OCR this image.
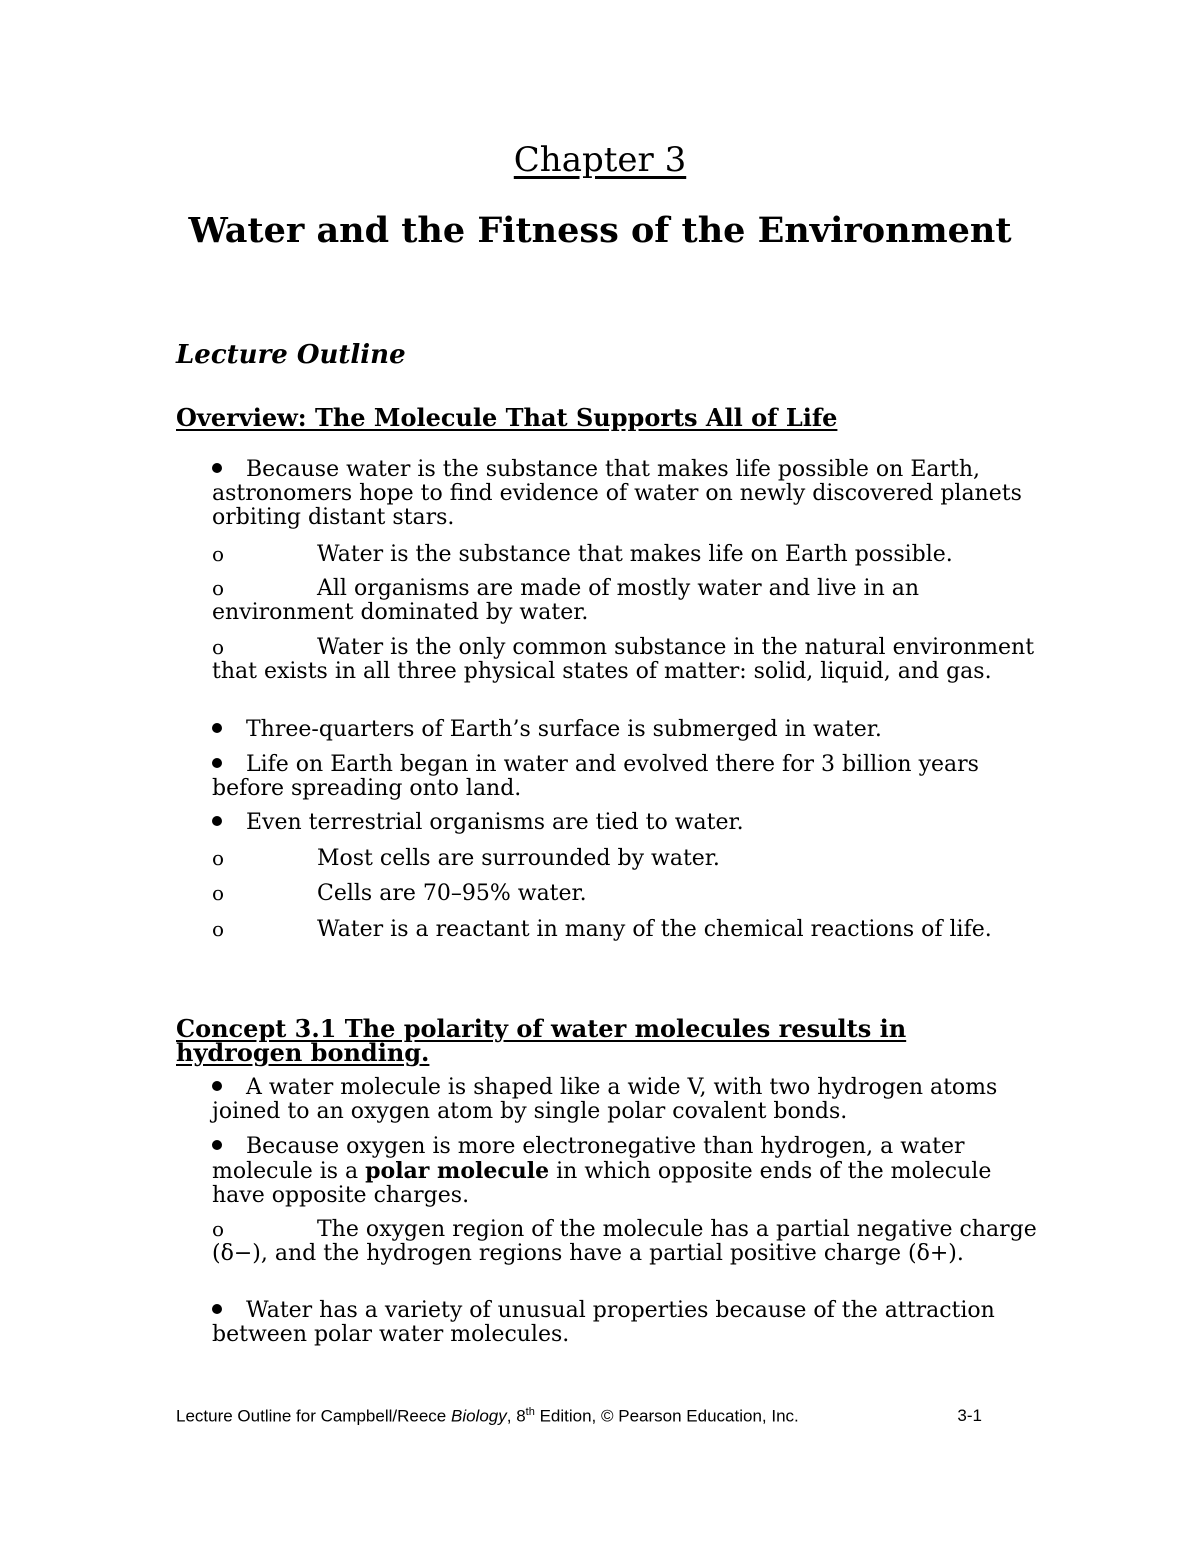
Chapter 3
Water and the Fitness of the Environment
Lecture Outline
Overview: The Molecule That Supports All of Life
Because water is the substance that makes life possible on Earth, astronomers hope to find evidence of water on newly discovered planets orbiting distant stars.
o	Water is the substance that makes life on Earth possible.
o	All organisms are made of mostly water and live in an environment dominated by water.
o	Water is the only common substance in the natural environment that exists in all three physical states of matter: solid, liquid, and gas.
Three-quarters of Earth’s surface is submerged in water.
Life on Earth began in water and evolved there for 3 billion years before spreading onto land.
Even terrestrial organisms are tied to water.
o	Most cells are surrounded by water.
o	Cells are 70–95% water.
o	Water is a reactant in many of the chemical reactions of life.
Concept 3.1 The polarity of water molecules results in
hydrogen bonding.
A water molecule is shaped like a wide V, with two hydrogen atoms joined to an oxygen atom by single polar covalent bonds.
Because oxygen is more electronegative than hydrogen, a water molecule is a polar molecule in which opposite ends of the molecule have opposite charges.
o	The oxygen region of the molecule has a partial negative charge (δ−), and the hydrogen regions have a partial positive charge (δ+).
Water has a variety of unusual properties because of the attraction between polar water molecules.
Lecture Outline for Campbell/Reece Biology, 8th Edition, © Pearson Education, Inc.	3-1
